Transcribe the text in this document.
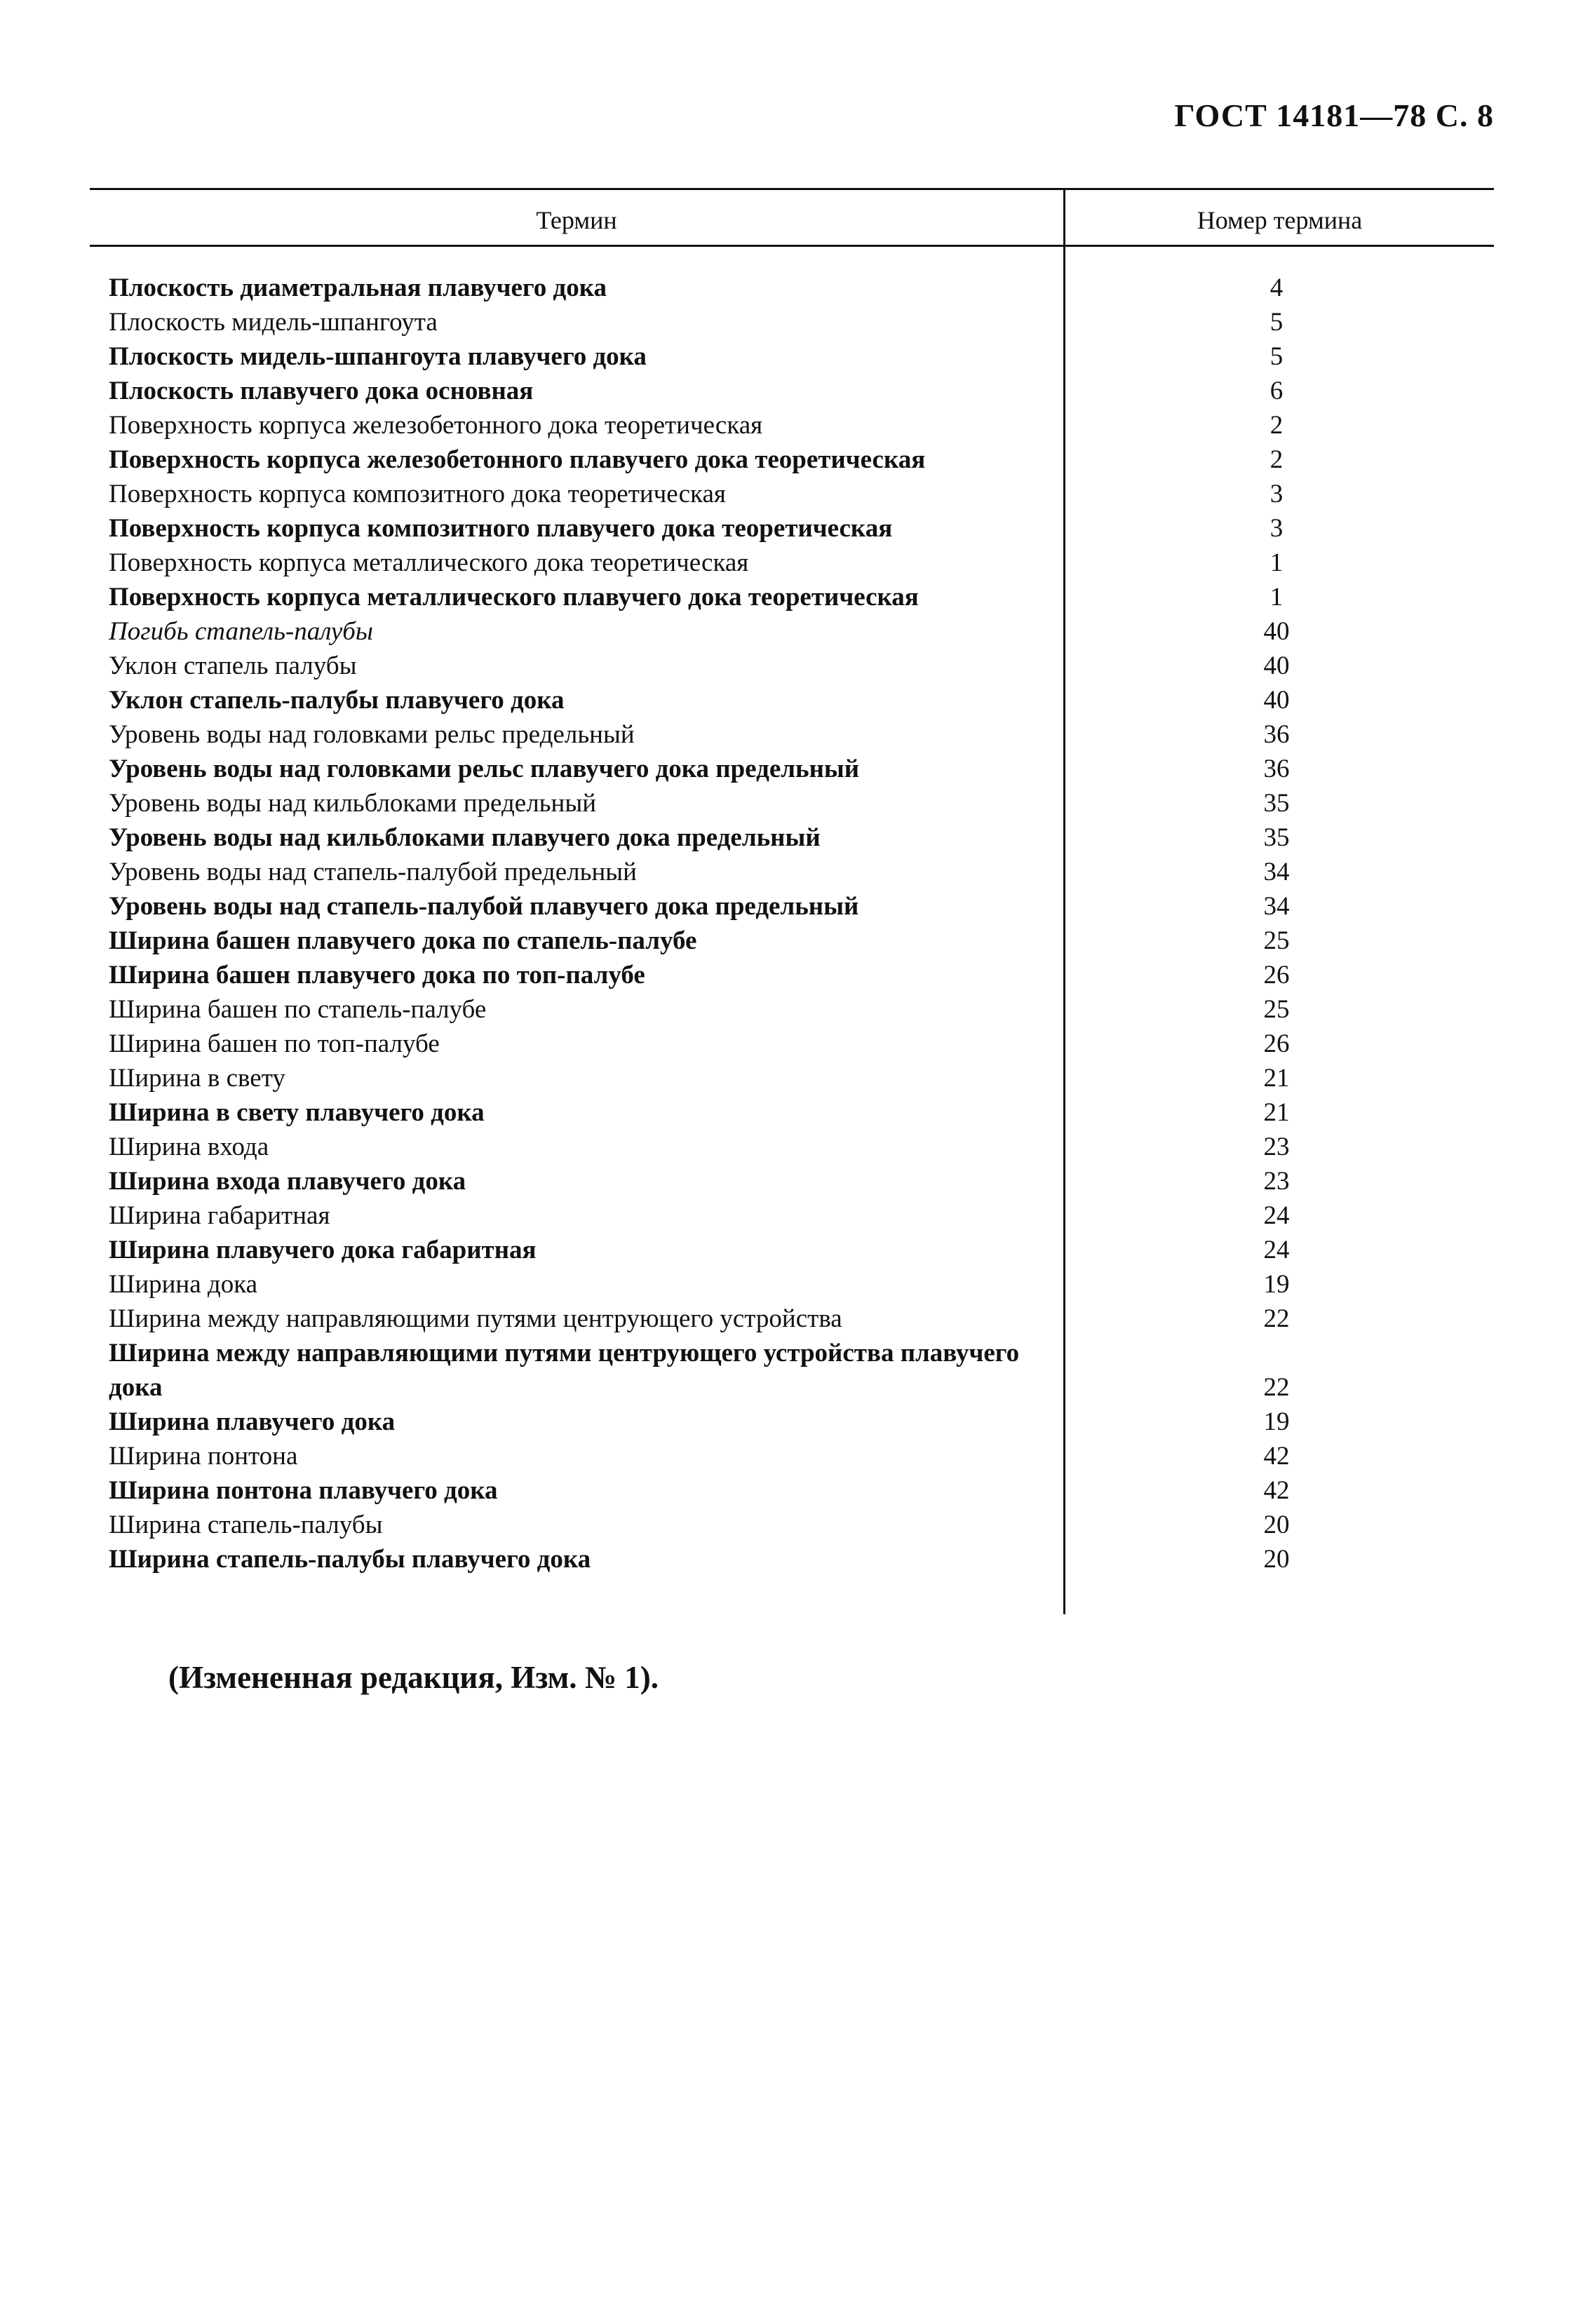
ГОСТ 14181—78 С. 8
Термин	Номер термина
Плоскость диаметральная плавучего дока	4
Плоскость мидель-шпангоута	5
Плоскость мидель-шпангоута плавучего дока	5
Плоскость плавучего дока основная	6
Поверхность корпуса железобетонного дока теоретическая	2
Поверхность корпуса железобетонного плавучего дока теоретическая	2
Поверхность корпуса композитного дока теоретическая	3
Поверхность корпуса композитного плавучего дока теоретическая	3
Поверхность корпуса металлического дока теоретическая	1
Поверхность корпуса металлического плавучего дока теоретическая	1
Погибь стапель-палубы	40
Уклон стапель палубы	40
Уклон стапель-палубы плавучего дока	40
Уровень воды над головками рельс предельный	36
Уровень воды над головками рельс плавучего дока предельный	36
Уровень воды над кильблоками предельный	35
Уровень воды над кильблоками плавучего дока предельный	35
Уровень воды над стапель-палубой предельный	34
Уровень воды над стапель-палубой плавучего дока предельный	34
Ширина башен плавучего дока по стапель-палубе	25
Ширина башен плавучего дока по топ-палубе	26
Ширина башен по стапель-палубе	25
Ширина башен по топ-палубе	26
Ширина в свету	21
Ширина в свету плавучего дока	21
Ширина входа	23
Ширина входа плавучего дока	23
Ширина габаритная	24
Ширина плавучего дока габаритная	24
Ширина дока	19
Ширина между направляющими путями центрующего устройства	22
Ширина между направляющими путями центрующего устройства плавучего дока	22
Ширина плавучего дока	19
Ширина понтона	42
Ширина понтона плавучего дока	42
Ширина стапель-палубы	20
Ширина стапель-палубы плавучего дока	20
(Измененная редакция, Изм. № 1).
